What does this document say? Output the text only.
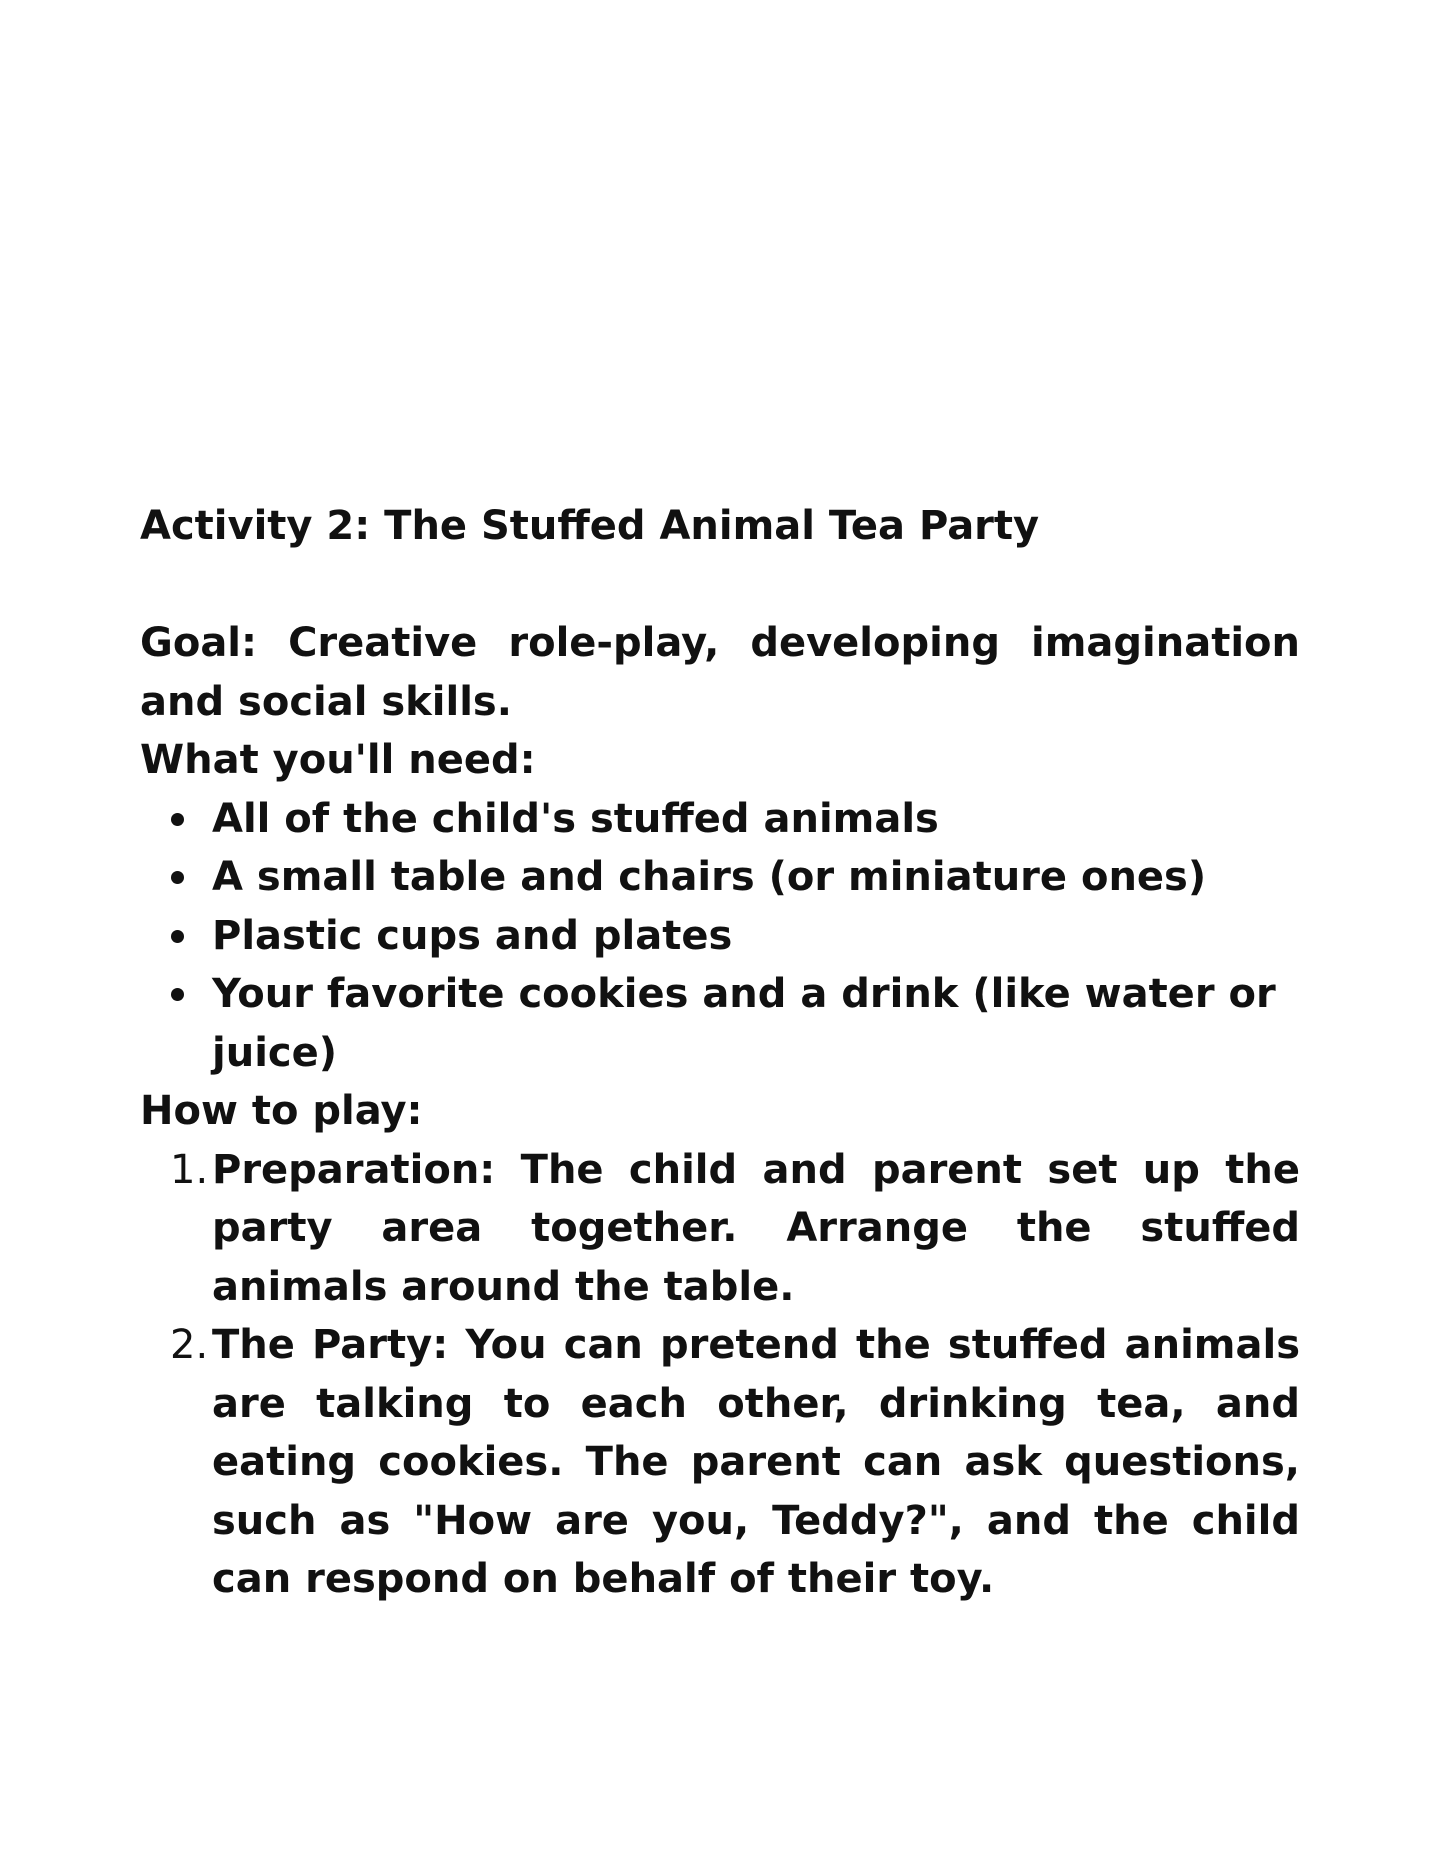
Activity 2: The Stuffed Animal Tea Party

Goal: Creative role-play, developing imagination and social skills.

What you'll need:

All of the child's stuffed animals
A small table and chairs (or miniature ones)
Plastic cups and plates
Your favorite cookies and a drink (like water or juice)

How to play:

1. Preparation: The child and parent set up the party area together. Arrange the stuffed animals around the table.
2. The Party: You can pretend the stuffed animals are talking to each other, drinking tea, and eating cookies. The parent can ask questions, such as "How are you, Teddy?", and the child can respond on behalf of their toy.
